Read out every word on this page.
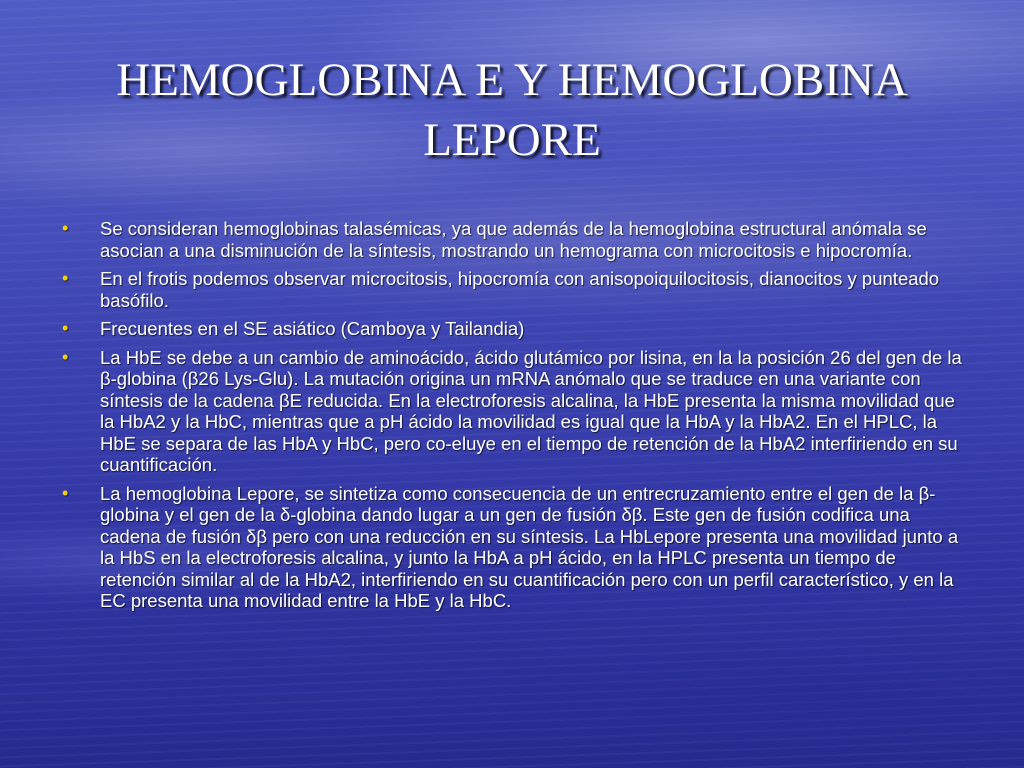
HEMOGLOBINA E Y HEMOGLOBINA LEPORE
• Se consideran hemoglobinas talasémicas, ya que además de la hemoglobina estructural anómala se asocian a una disminución de la síntesis, mostrando un hemograma con microcitosis e hipocromía.
• En el frotis podemos observar microcitosis, hipocromía con anisopoiquilocitosis, dianocitos y punteado basófilo.
• Frecuentes en el SE asiático (Camboya y Tailandia)
• La HbE se debe a un cambio de aminoácido, ácido glutámico por lisina, en la la posición 26 del gen de la β-globina (β26 Lys-Glu). La mutación origina un mRNA anómalo que se traduce en una variante con síntesis de la cadena βE reducida. En la electroforesis alcalina, la HbE presenta la misma movilidad que la HbA2 y la HbC, mientras que a pH ácido la movilidad es igual que la HbA y la HbA2. En el HPLC, la HbE se separa de las HbA y HbC, pero co-eluye en el tiempo de retención de la HbA2 interfiriendo en su cuantificación.
• La hemoglobina Lepore, se sintetiza como consecuencia de un entrecruzamiento entre el gen de la β-globina y el gen de la δ-globina dando lugar a un gen de fusión δβ. Este gen de fusión codifica una cadena de fusión δβ pero con una reducción en su síntesis. La HbLepore presenta una movilidad junto a la HbS en la electroforesis alcalina, y junto la HbA a pH ácido, en la HPLC presenta un tiempo de retención similar al de la HbA2, interfiriendo en su cuantificación pero con un perfil característico, y en la EC presenta una movilidad entre la HbE y la HbC.
